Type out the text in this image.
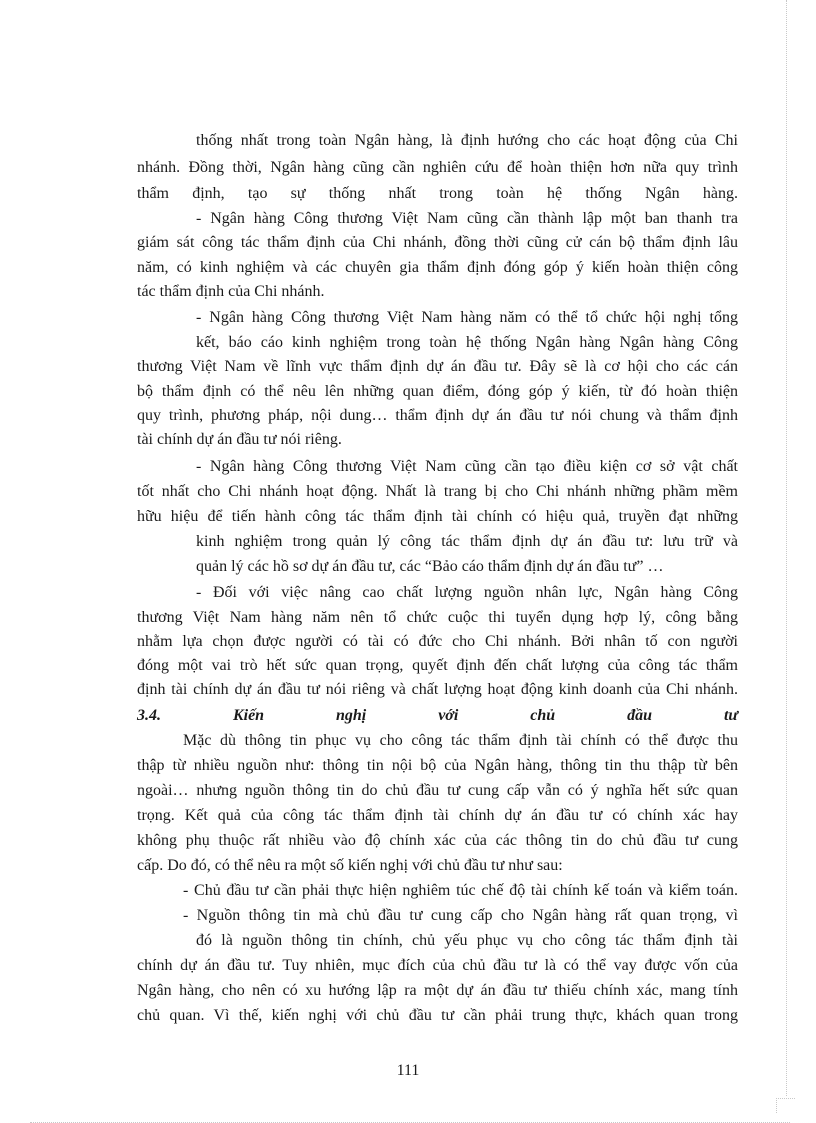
thống nhất trong toàn Ngân hàng, là định hướng cho các hoạt động của Chi
nhánh. Đồng thời, Ngân hàng cũng cần nghiên cứu để hoàn thiện hơn nữa quy trình
thẩm định, tạo sự thống nhất trong toàn hệ thống Ngân hàng.
- Ngân hàng Công thương Việt Nam cũng cần thành lập một ban thanh tra
giám sát công tác thẩm định của Chi nhánh, đồng thời cũng cử cán bộ thẩm định lâu
năm, có kinh nghiệm và các chuyên gia thẩm định đóng góp ý kiến hoàn thiện công
tác thẩm định của Chi nhánh.
- Ngân hàng Công thương Việt Nam hàng năm có thể tổ chức hội nghị tổng
kết, báo cáo kinh nghiệm trong toàn hệ thống Ngân hàng Ngân hàng Công
thương Việt Nam về lĩnh vực thẩm định dự án đầu tư. Đây sẽ là cơ hội cho các cán
bộ thẩm định có thể nêu lên những quan điểm, đóng góp ý kiến, từ đó hoàn thiện
quy trình, phương pháp, nội dung… thẩm định dự án đầu tư nói chung và thẩm định
tài chính dự án đầu tư nói riêng.
- Ngân hàng Công thương Việt Nam cũng cần tạo điều kiện cơ sở vật chất
tốt nhất cho Chi nhánh hoạt động. Nhất là trang bị cho Chi nhánh những phầm mềm
hữu hiệu để tiến hành công tác thẩm định tài chính có hiệu quả, truyền đạt những
kinh nghiệm trong quản lý công tác thẩm định dự án đầu tư: lưu trữ và
quản lý các hồ sơ dự án đầu tư, các “Bảo cáo thẩm định dự án đầu tư” …
- Đối với việc nâng cao chất lượng nguồn nhân lực, Ngân hàng Công
thương Việt Nam hàng năm nên tổ chức cuộc thi tuyển dụng hợp lý, công bằng
nhằm lựa chọn được người có tài có đức cho Chi nhánh. Bởi nhân tố con người
đóng một vai trò hết sức quan trọng, quyết định đến chất lượng của công tác thẩm
định tài chính dự án đầu tư nói riêng và chất lượng hoạt động kinh doanh của Chi nhánh.
3.4. Kiến nghị với chủ đầu tư
Mặc dù thông tin phục vụ cho công tác thẩm định tài chính có thể được thu
thập từ nhiều nguồn như: thông tin nội bộ của Ngân hàng, thông tin thu thập từ bên
ngoài… nhưng nguồn thông tin do chủ đầu tư cung cấp vẫn có ý nghĩa hết sức quan
trọng. Kết quả của công tác thẩm định tài chính dự án đầu tư có chính xác hay
không phụ thuộc rất nhiều vào độ chính xác của các thông tin do chủ đầu tư cung
cấp. Do đó, có thể nêu ra một số kiến nghị với chủ đầu tư như sau:
- Chủ đầu tư cần phải thực hiện nghiêm túc chế độ tài chính kế toán và kiểm toán.
- Nguồn thông tin mà chủ đầu tư cung cấp cho Ngân hàng rất quan trọng, vì
đó là nguồn thông tin chính, chủ yếu phục vụ cho công tác thẩm định tài
chính dự án đầu tư. Tuy nhiên, mục đích của chủ đầu tư là có thể vay được vốn của
Ngân hàng, cho nên có xu hướng lập ra một dự án đầu tư thiếu chính xác, mang tính
chủ quan. Vì thế, kiến nghị với chủ đầu tư cần phải trung thực, khách quan trong
111
